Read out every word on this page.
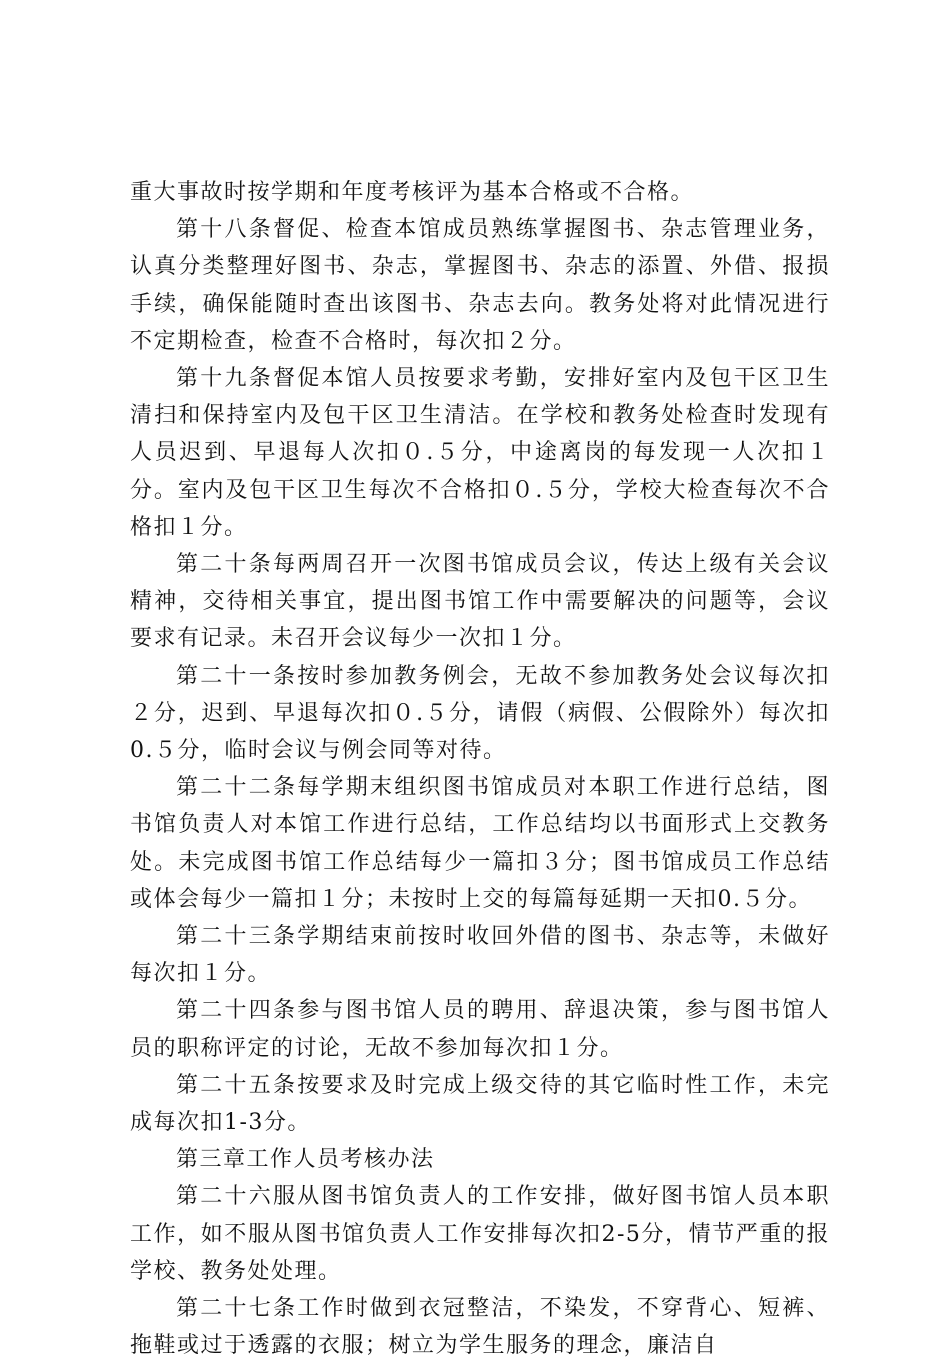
重大事故时按学期和年度考核评为基本合格或不合格。

第十八条督促、检查本馆成员熟练掌握图书、杂志管理业务，认真分类整理好图书、杂志，掌握图书、杂志的添置、外借、报损手续，确保能随时查出该图书、杂志去向。教务处将对此情况进行不定期检查，检查不合格时，每次扣２分。

第十九条督促本馆人员按要求考勤，安排好室内及包干区卫生清扫和保持室内及包干区卫生清洁。在学校和教务处检查时发现有人员迟到、早退每人次扣０.５分，中途离岗的每发现一人次扣１分。室内及包干区卫生每次不合格扣０.５分，学校大检查每次不合格扣１分。

第二十条每两周召开一次图书馆成员会议，传达上级有关会议精神，交待相关事宜，提出图书馆工作中需要解决的问题等，会议要求有记录。未召开会议每少一次扣１分。

第二十一条按时参加教务例会，无故不参加教务处会议每次扣２分，迟到、早退每次扣０.５分，请假（病假、公假除外）每次扣0.５分，临时会议与例会同等对待。

第二十二条每学期末组织图书馆成员对本职工作进行总结，图书馆负责人对本馆工作进行总结，工作总结均以书面形式上交教务处。未完成图书馆工作总结每少一篇扣３分；图书馆成员工作总结或体会每少一篇扣１分；未按时上交的每篇每延期一天扣0.５分。

第二十三条学期结束前按时收回外借的图书、杂志等，未做好每次扣１分。

第二十四条参与图书馆人员的聘用、辞退决策，参与图书馆人员的职称评定的讨论，无故不参加每次扣１分。

第二十五条按要求及时完成上级交待的其它临时性工作，未完成每次扣1-3分。

第三章工作人员考核办法

第二十六服从图书馆负责人的工作安排，做好图书馆人员本职工作，如不服从图书馆负责人工作安排每次扣2-5分，情节严重的报学校、教务处处理。

第二十七条工作时做到衣冠整洁，不染发，不穿背心、短裤、拖鞋或过于透露的衣服；树立为学生服务的理念，廉洁自
